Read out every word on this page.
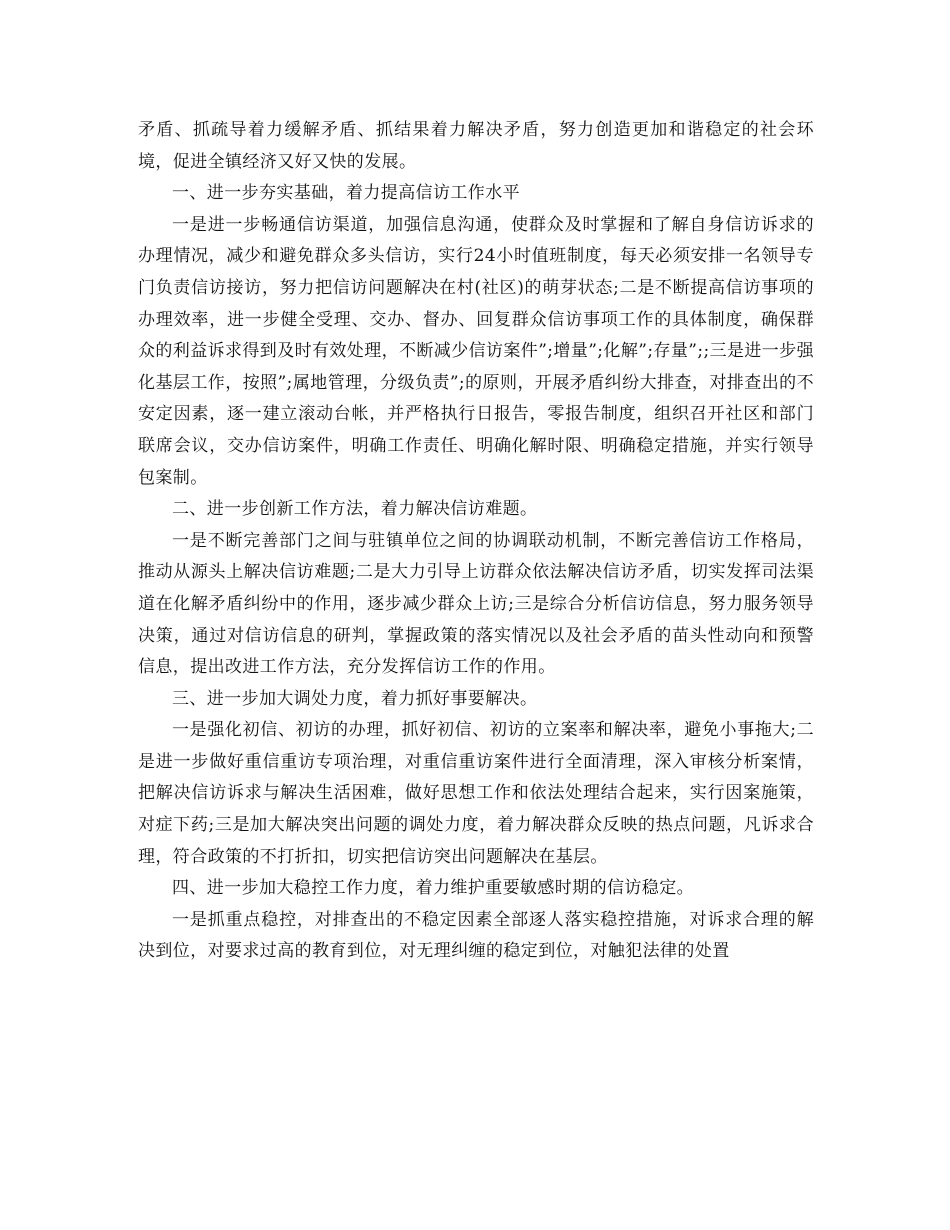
矛盾、抓疏导着力缓解矛盾、抓结果着力解决矛盾，努力创造更加和谐稳定的社会环境，促进全镇经济又好又快的发展。

一、进一步夯实基础，着力提高信访工作水平

一是进一步畅通信访渠道，加强信息沟通，使群众及时掌握和了解自身信访诉求的办理情况，减少和避免群众多头信访，实行24小时值班制度，每天必须安排一名领导专门负责信访接访，努力把信访问题解决在村(社区)的萌芽状态;二是不断提高信访事项的办理效率，进一步健全受理、交办、督办、回复群众信访事项工作的具体制度，确保群众的利益诉求得到及时有效处理，不断减少信访案件”;增量”;化解”;存量”;;三是进一步强化基层工作，按照”;属地管理，分级负责”;的原则，开展矛盾纠纷大排查，对排查出的不安定因素，逐一建立滚动台帐，并严格执行日报告，零报告制度，组织召开社区和部门联席会议，交办信访案件，明确工作责任、明确化解时限、明确稳定措施，并实行领导包案制。

二、进一步创新工作方法，着力解决信访难题。

一是不断完善部门之间与驻镇单位之间的协调联动机制，不断完善信访工作格局，推动从源头上解决信访难题;二是大力引导上访群众依法解决信访矛盾，切实发挥司法渠道在化解矛盾纠纷中的作用，逐步减少群众上访;三是综合分析信访信息，努力服务领导决策，通过对信访信息的研判，掌握政策的落实情况以及社会矛盾的苗头性动向和预警信息，提出改进工作方法，充分发挥信访工作的作用。

三、进一步加大调处力度，着力抓好事要解决。

一是强化初信、初访的办理，抓好初信、初访的立案率和解决率，避免小事拖大;二是进一步做好重信重访专项治理，对重信重访案件进行全面清理，深入审核分析案情，把解决信访诉求与解决生活困难，做好思想工作和依法处理结合起来，实行因案施策，对症下药;三是加大解决突出问题的调处力度，着力解决群众反映的热点问题，凡诉求合理，符合政策的不打折扣，切实把信访突出问题解决在基层。

四、进一步加大稳控工作力度，着力维护重要敏感时期的信访稳定。

一是抓重点稳控，对排查出的不稳定因素全部逐人落实稳控措施，对诉求合理的解决到位，对要求过高的教育到位，对无理纠缠的稳定到位，对触犯法律的处置
